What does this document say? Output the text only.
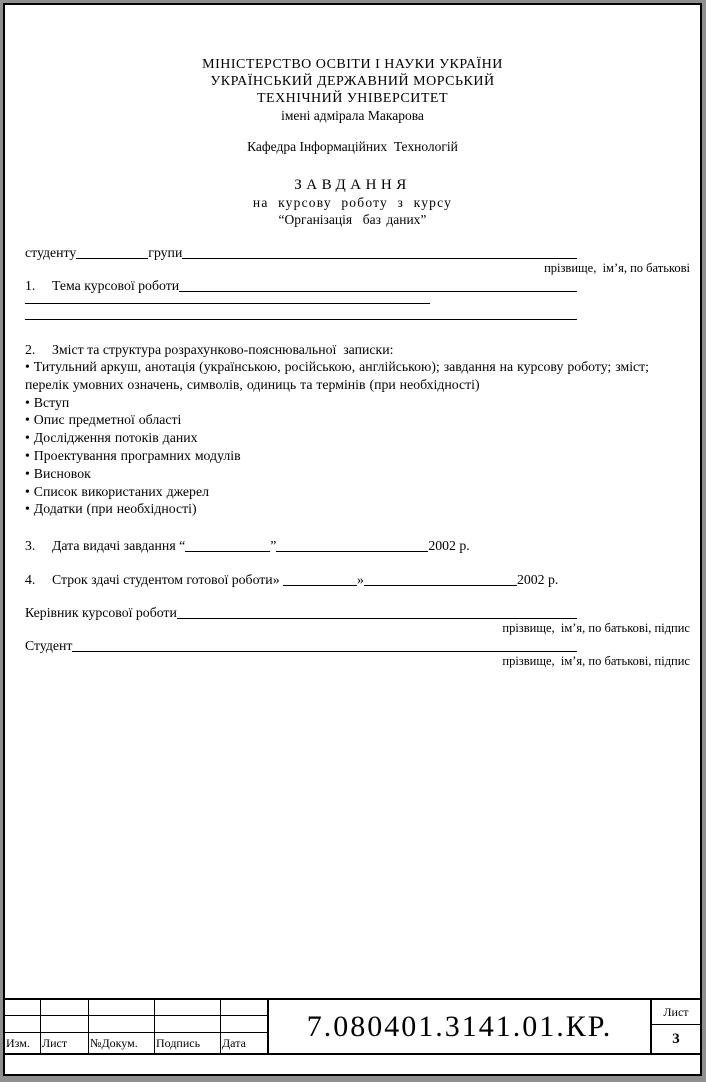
МІНІСТЕРСТВО ОСВІТИ І НАУКИ УКРАЇНИ
УКРАЇНСЬКИЙ ДЕРЖАВНИЙ МОРСЬКИЙ
ТЕХНІЧНИЙ УНІВЕРСИТЕТ
імені адмірала Макарова
Кафедра Інформаційних  Технологій
ЗАВДАННЯ
на курсову роботу з курсу
“Організація  баз даних”
студенту	групи
прізвище,  ім’я, по батькові
1.	Тема курсової роботи
2.	Зміст та структура розрахунково-пояснювальної  записки:
• Титульний аркуш, анотація (українською, російською, англійською); завдання на курсову роботу; зміст; перелік умовних означень, символів, одиниць та термінів (при необхідності)
• Вступ
• Опис предметної області
• Дослідження потоків даних
• Проектування програмних модулів
• Висновок
• Список використаних джерел
• Додатки (при необхідності)
3.	Дата видачі завдання “	”	2002 р.
4.	Строк здачі студентом готової роботи»	»	2002 р.
Керівник курсової роботи
прізвище,  ім’я, по батькові, підпис
Студент
прізвище,  ім’я, по батькові, підпис
Изм.	Лист	№Докум.	Подпись	Дата	7.080401.3141.01.КР.	Лист
3
